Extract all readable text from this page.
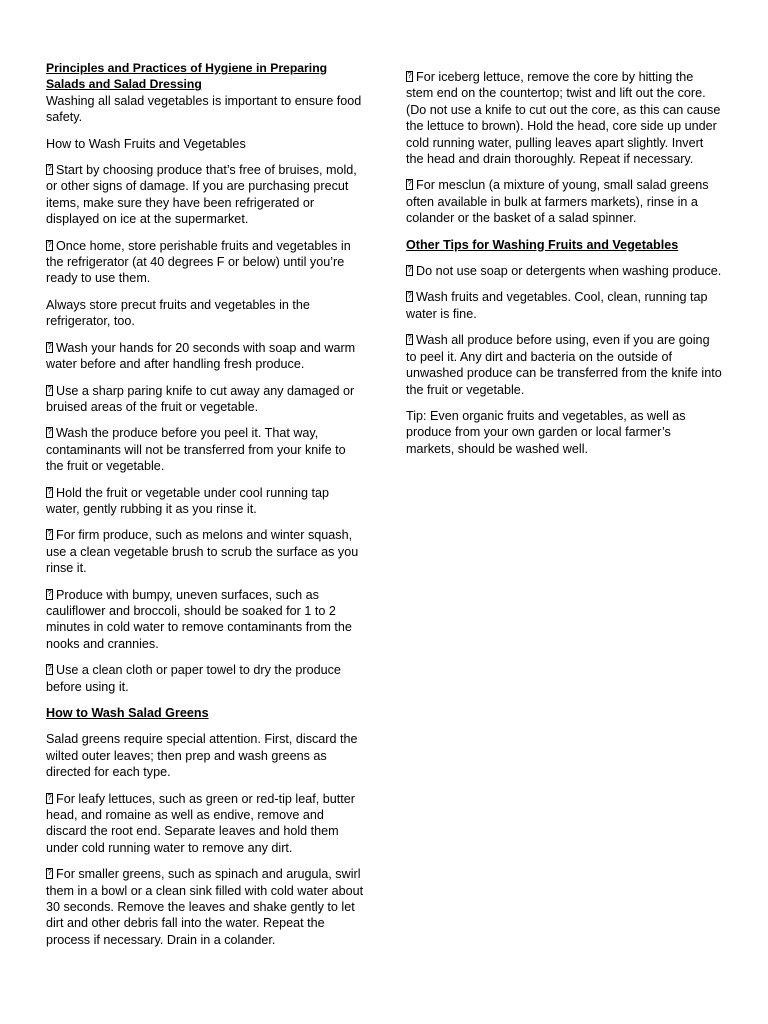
Principles and Practices of Hygiene in Preparing Salads and Salad Dressing

Washing all salad vegetables is important to ensure food safety.

How to Wash Fruits and Vegetables

?Start by choosing produce that’s free of bruises, mold, or other signs of damage. If you are purchasing precut items, make sure they have been refrigerated or displayed on ice at the supermarket.

?Once home, store perishable fruits and vegetables in the refrigerator (at 40 degrees F or below) until you’re ready to use them.

Always store precut fruits and vegetables in the refrigerator, too.

?Wash your hands for 20 seconds with soap and warm water before and after handling fresh produce.

?Use a sharp paring knife to cut away any damaged or bruised areas of the fruit or vegetable.

?Wash the produce before you peel it. That way, contaminants will not be transferred from your knife to the fruit or vegetable.

?Hold the fruit or vegetable under cool running tap water, gently rubbing it as you rinse it.

?For firm produce, such as melons and winter squash, use a clean vegetable brush to scrub the surface as you rinse it.

?Produce with bumpy, uneven surfaces, such as cauliflower and broccoli, should be soaked for 1 to 2 minutes in cold water to remove contaminants from the nooks and crannies.

?Use a clean cloth or paper towel to dry the produce before using it.

How to Wash Salad Greens

Salad greens require special attention. First, discard the wilted outer leaves; then prep and wash greens as directed for each type.

?For leafy lettuces, such as green or red-tip leaf, butter head, and romaine as well as endive, remove and discard the root end. Separate leaves and hold them under cold running water to remove any dirt.

?For smaller greens, such as spinach and arugula, swirl them in a bowl or a clean sink filled with cold water about 30 seconds. Remove the leaves and shake gently to let dirt and other debris fall into the water. Repeat the process if necessary. Drain in a colander.

?For iceberg lettuce, remove the core by hitting the stem end on the countertop; twist and lift out the core. (Do not use a knife to cut out the core, as this can cause the lettuce to brown). Hold the head, core side up under cold running water, pulling leaves apart slightly. Invert the head and drain thoroughly. Repeat if necessary.

?For mesclun (a mixture of young, small salad greens often available in bulk at farmers markets), rinse in a colander or the basket of a salad spinner.

Other Tips for Washing Fruits and Vegetables

?Do not use soap or detergents when washing produce.

?Wash fruits and vegetables. Cool, clean, running tap water is fine.

?Wash all produce before using, even if you are going to peel it. Any dirt and bacteria on the outside of unwashed produce can be transferred from the knife into the fruit or vegetable.

Tip: Even organic fruits and vegetables, as well as produce from your own garden or local farmer’s markets, should be washed well.
